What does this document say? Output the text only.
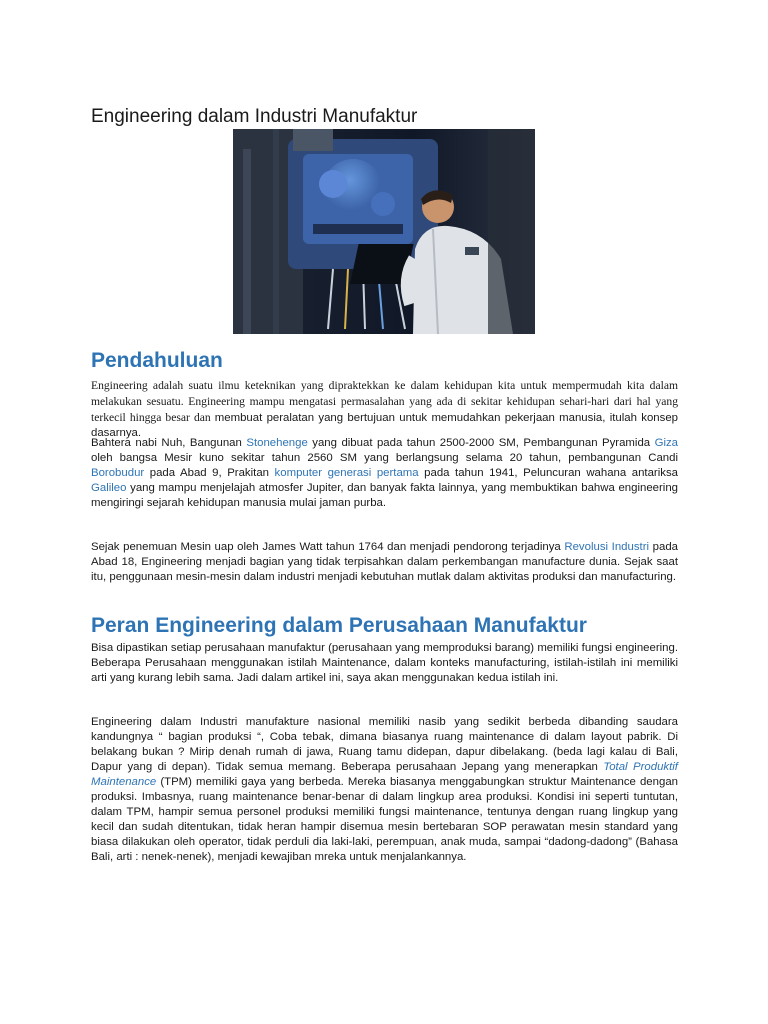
Engineering dalam Industri Manufaktur
Pendahuluan
Engineering adalah suatu ilmu keteknikan yang dipraktekkan ke dalam kehidupan kita untuk mempermudah kita dalam melakukan sesuatu. Engineering mampu mengatasi permasalahan yang ada di sekitar kehidupan sehari-hari dari hal yang terkecil hingga besar dan membuat peralatan yang bertujuan untuk memudahkan pekerjaan manusia, itulah konsep dasarnya.
Bahtera nabi Nuh, Bangunan Stonehenge yang dibuat pada tahun 2500-2000 SM, Pembangunan Pyramida Giza oleh bangsa Mesir kuno sekitar tahun 2560 SM yang berlangsung selama 20 tahun, pembangunan Candi Borobudur pada Abad 9, Prakitan komputer generasi pertama pada tahun 1941, Peluncuran wahana antariksa Galileo yang mampu menjelajah atmosfer Jupiter, dan banyak fakta lainnya, yang membuktikan bahwa engineering mengiringi sejarah kehidupan manusia mulai jaman purba.
Sejak penemuan Mesin uap oleh James Watt tahun 1764 dan menjadi pendorong terjadinya Revolusi Industri pada Abad 18, Engineering menjadi bagian yang tidak terpisahkan dalam perkembangan manufacture dunia. Sejak saat itu, penggunaan mesin-mesin dalam industri menjadi kebutuhan mutlak dalam aktivitas produksi dan manufacturing.
Peran Engineering dalam Perusahaan Manufaktur
Bisa dipastikan setiap perusahaan manufaktur (perusahaan yang memproduksi barang) memiliki fungsi engineering. Beberapa Perusahaan menggunakan istilah Maintenance, dalam konteks manufacturing, istilah-istilah ini memiliki arti yang kurang lebih sama. Jadi dalam artikel ini, saya akan menggunakan kedua istilah ini.
Engineering dalam Industri manufakture nasional memiliki nasib yang sedikit berbeda dibanding saudara kandungnya “ bagian produksi “, Coba tebak, dimana biasanya ruang maintenance di dalam layout pabrik. Di belakang bukan ? Mirip denah rumah di jawa, Ruang tamu didepan, dapur dibelakang. (beda lagi kalau di Bali, Dapur yang di depan). Tidak semua memang. Beberapa perusahaan Jepang yang menerapkan Total Produktif Maintenance (TPM) memiliki gaya yang berbeda. Mereka biasanya menggabungkan struktur Maintenance dengan produksi. Imbasnya, ruang maintenance benar-benar di dalam lingkup area produksi. Kondisi ini seperti tuntutan, dalam TPM, hampir semua personel produksi memiliki fungsi maintenance, tentunya dengan ruang lingkup yang kecil dan sudah ditentukan, tidak heran hampir disemua mesin bertebaran SOP perawatan mesin standard yang biasa dilakukan oleh operator, tidak perduli dia laki-laki, perempuan, anak muda, sampai “dadong-dadong” (Bahasa Bali, arti : nenek-nenek), menjadi kewajiban mreka untuk menjalankannya.
